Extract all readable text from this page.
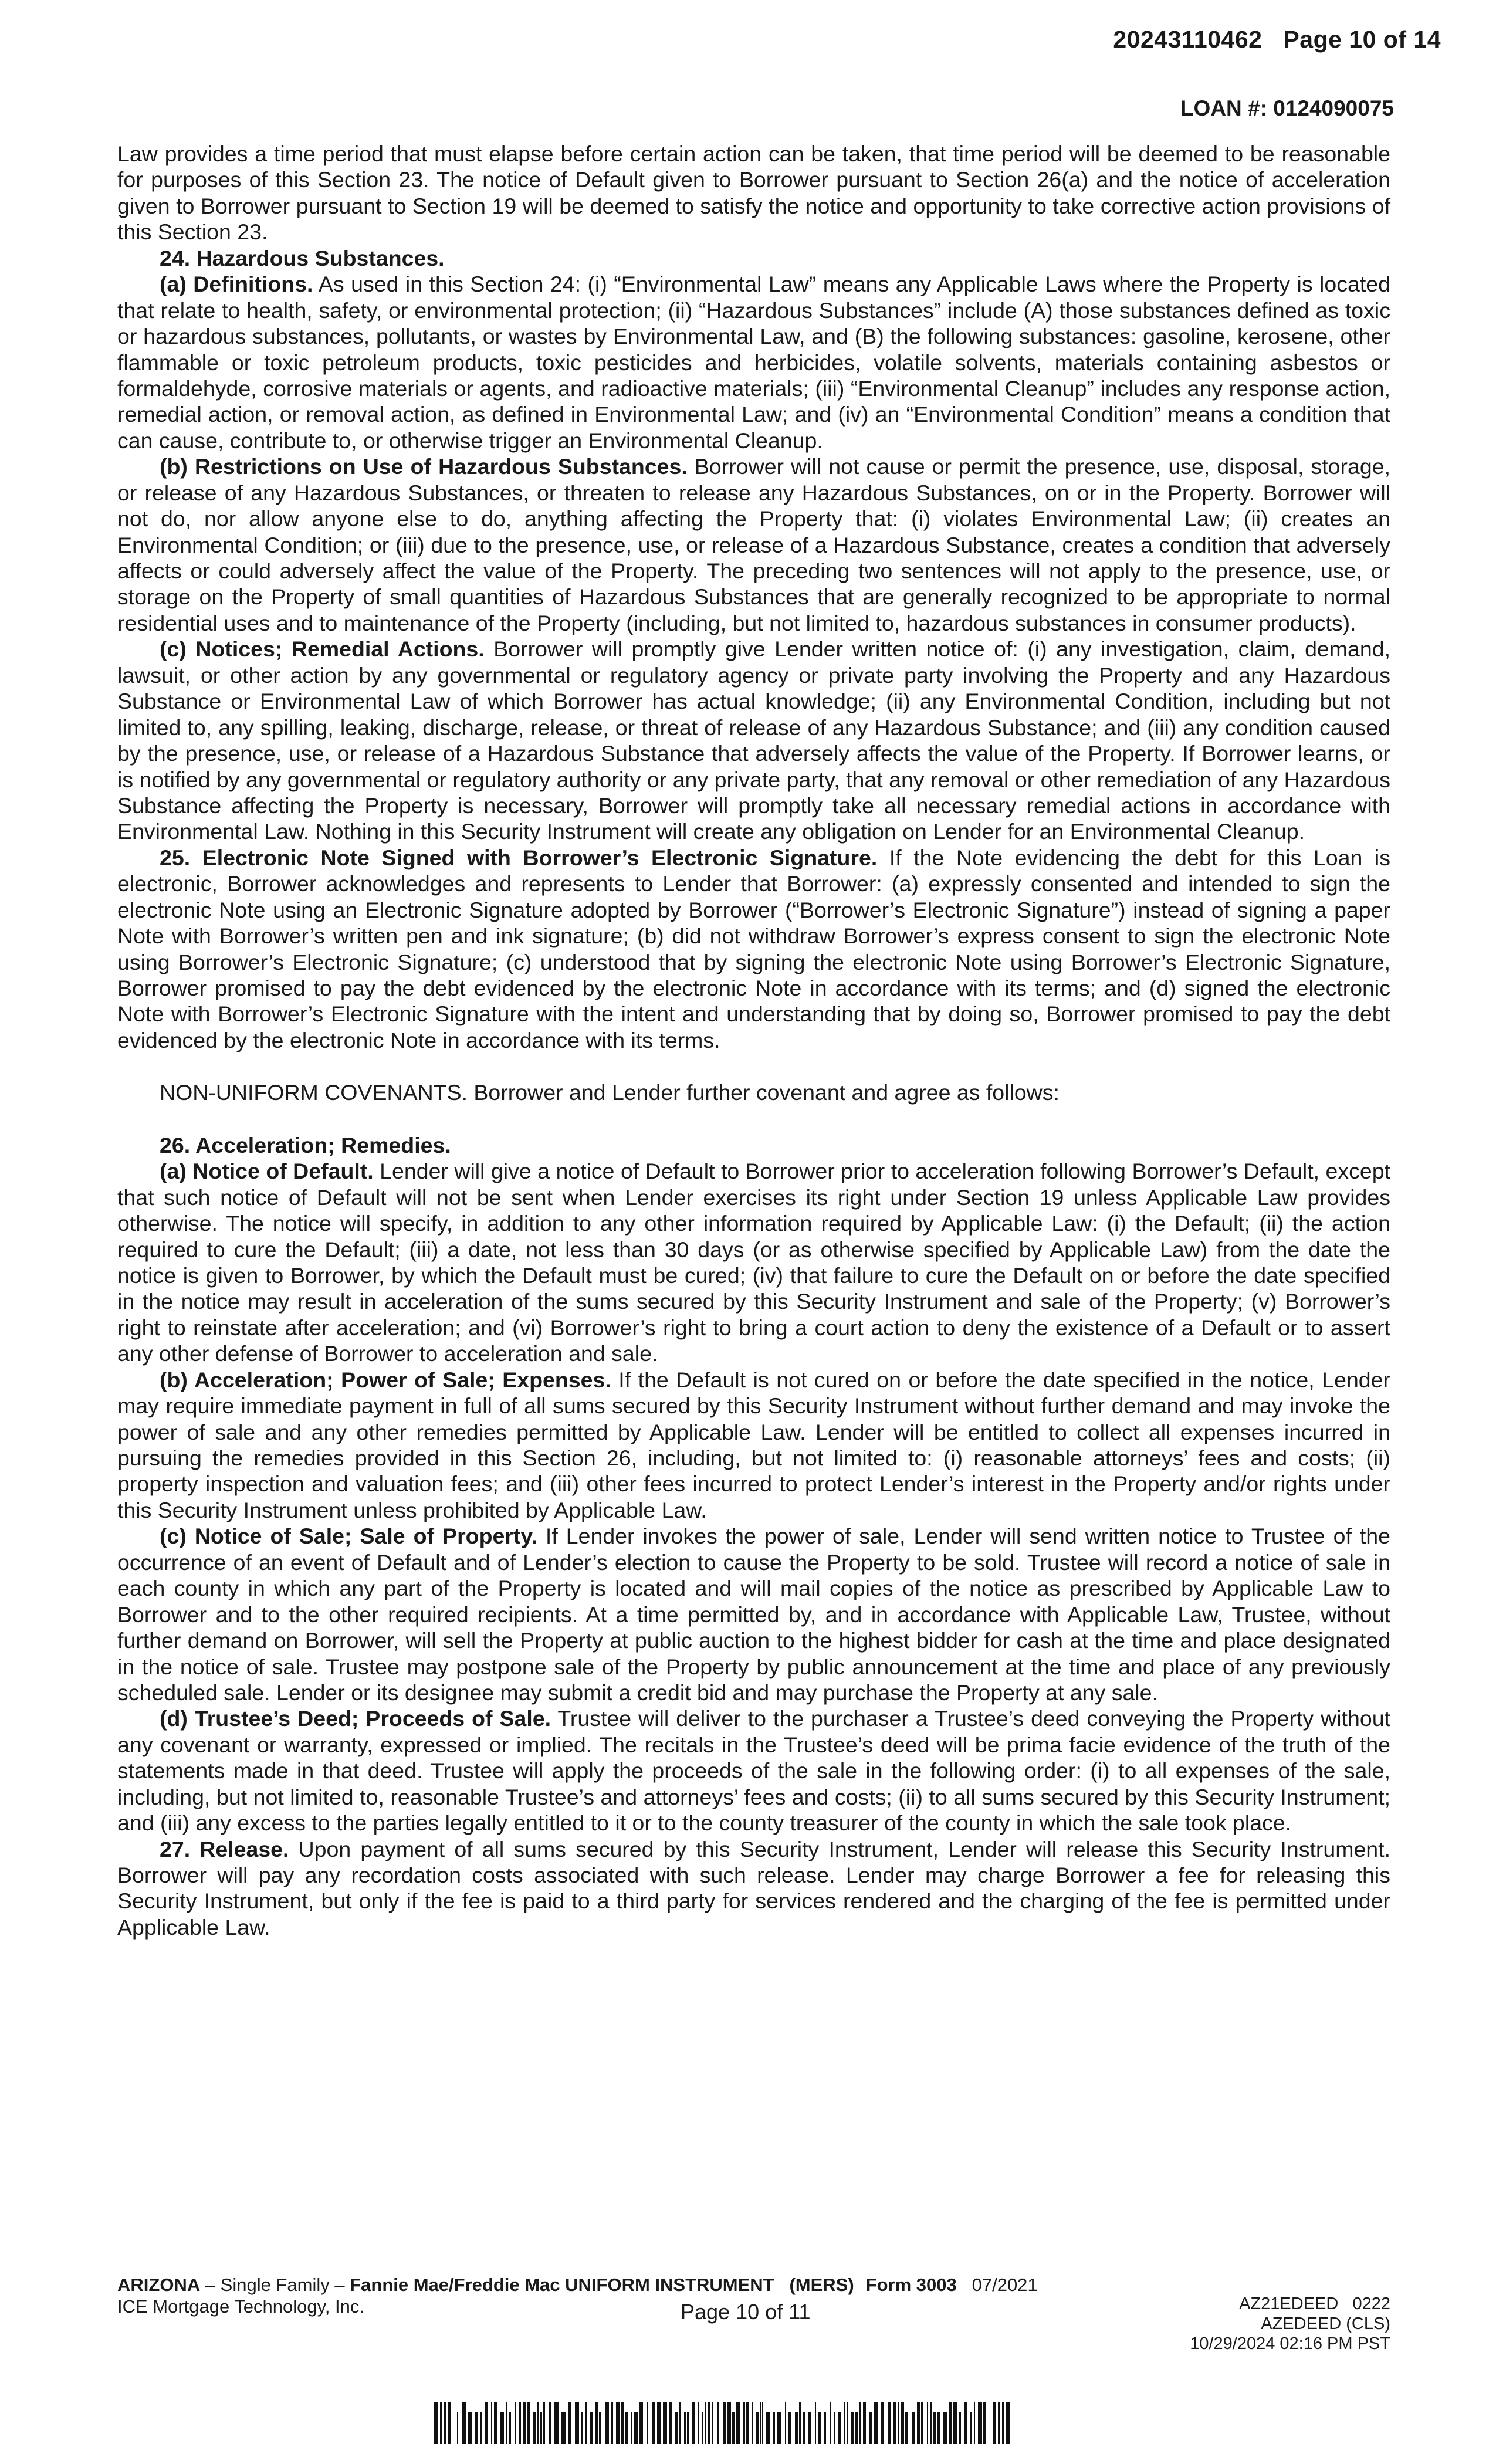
20243110462 Page 10 of 14
LOAN #: 0124090075

Law provides a time period that must elapse before certain action can be taken, that time period will be deemed to be reasonable for purposes of this Section 23. The notice of Default given to Borrower pursuant to Section 26(a) and the notice of acceleration given to Borrower pursuant to Section 19 will be deemed to satisfy the notice and opportunity to take corrective action provisions of this Section 23.

24. Hazardous Substances.

(a) Definitions. As used in this Section 24: (i) “Environmental Law” means any Applicable Laws where the Property is located that relate to health, safety, or environmental protection; (ii) “Hazardous Substances” include (A) those substances defined as toxic or hazardous substances, pollutants, or wastes by Environmental Law, and (B) the following substances: gasoline, kerosene, other flammable or toxic petroleum products, toxic pesticides and herbicides, volatile solvents, materials containing asbestos or formaldehyde, corrosive materials or agents, and radioactive materials; (iii) “Environmental Cleanup” includes any response action, remedial action, or removal action, as defined in Environmental Law; and (iv) an “Environmental Condition” means a condition that can cause, contribute to, or otherwise trigger an Environmental Cleanup.

(b) Restrictions on Use of Hazardous Substances. Borrower will not cause or permit the presence, use, disposal, storage, or release of any Hazardous Substances, or threaten to release any Hazardous Substances, on or in the Property. Borrower will not do, nor allow anyone else to do, anything affecting the Property that: (i) violates Environmental Law; (ii) creates an Environmental Condition; or (iii) due to the presence, use, or release of a Hazardous Substance, creates a condition that adversely affects or could adversely affect the value of the Property. The preceding two sentences will not apply to the presence, use, or storage on the Property of small quantities of Hazardous Substances that are generally recognized to be appropriate to normal residential uses and to maintenance of the Property (including, but not limited to, hazardous substances in consumer products).

(c) Notices; Remedial Actions. Borrower will promptly give Lender written notice of: (i) any investigation, claim, demand, lawsuit, or other action by any governmental or regulatory agency or private party involving the Property and any Hazardous Substance or Environmental Law of which Borrower has actual knowledge; (ii) any Environmental Condition, including but not limited to, any spilling, leaking, discharge, release, or threat of release of any Hazardous Substance; and (iii) any condition caused by the presence, use, or release of a Hazardous Substance that adversely affects the value of the Property. If Borrower learns, or is notified by any governmental or regulatory authority or any private party, that any removal or other remediation of any Hazardous Substance affecting the Property is necessary, Borrower will promptly take all necessary remedial actions in accordance with Environmental Law. Nothing in this Security Instrument will create any obligation on Lender for an Environmental Cleanup.

25. Electronic Note Signed with Borrower’s Electronic Signature. If the Note evidencing the debt for this Loan is electronic, Borrower acknowledges and represents to Lender that Borrower: (a) expressly consented and intended to sign the electronic Note using an Electronic Signature adopted by Borrower (“Borrower’s Electronic Signature”) instead of signing a paper Note with Borrower’s written pen and ink signature; (b) did not withdraw Borrower’s express consent to sign the electronic Note using Borrower’s Electronic Signature; (c) understood that by signing the electronic Note using Borrower’s Electronic Signature, Borrower promised to pay the debt evidenced by the electronic Note in accordance with its terms; and (d) signed the electronic Note with Borrower’s Electronic Signature with the intent and understanding that by doing so, Borrower promised to pay the debt evidenced by the electronic Note in accordance with its terms.

NON-UNIFORM COVENANTS. Borrower and Lender further covenant and agree as follows:

26. Acceleration; Remedies.

(a) Notice of Default. Lender will give a notice of Default to Borrower prior to acceleration following Borrower’s Default, except that such notice of Default will not be sent when Lender exercises its right under Section 19 unless Applicable Law provides otherwise. The notice will specify, in addition to any other information required by Applicable Law: (i) the Default; (ii) the action required to cure the Default; (iii) a date, not less than 30 days (or as otherwise specified by Applicable Law) from the date the notice is given to Borrower, by which the Default must be cured; (iv) that failure to cure the Default on or before the date specified in the notice may result in acceleration of the sums secured by this Security Instrument and sale of the Property; (v) Borrower’s right to reinstate after acceleration; and (vi) Borrower’s right to bring a court action to deny the existence of a Default or to assert any other defense of Borrower to acceleration and sale.

(b) Acceleration; Power of Sale; Expenses. If the Default is not cured on or before the date specified in the notice, Lender may require immediate payment in full of all sums secured by this Security Instrument without further demand and may invoke the power of sale and any other remedies permitted by Applicable Law. Lender will be entitled to collect all expenses incurred in pursuing the remedies provided in this Section 26, including, but not limited to: (i) reasonable attorneys’ fees and costs; (ii) property inspection and valuation fees; and (iii) other fees incurred to protect Lender’s interest in the Property and/or rights under this Security Instrument unless prohibited by Applicable Law.

(c) Notice of Sale; Sale of Property. If Lender invokes the power of sale, Lender will send written notice to Trustee of the occurrence of an event of Default and of Lender’s election to cause the Property to be sold. Trustee will record a notice of sale in each county in which any part of the Property is located and will mail copies of the notice as prescribed by Applicable Law to Borrower and to the other required recipients. At a time permitted by, and in accordance with Applicable Law, Trustee, without further demand on Borrower, will sell the Property at public auction to the highest bidder for cash at the time and place designated in the notice of sale. Trustee may postpone sale of the Property by public announcement at the time and place of any previously scheduled sale. Lender or its designee may submit a credit bid and may purchase the Property at any sale.

(d) Trustee’s Deed; Proceeds of Sale. Trustee will deliver to the purchaser a Trustee’s deed conveying the Property without any covenant or warranty, expressed or implied. The recitals in the Trustee’s deed will be prima facie evidence of the truth of the statements made in that deed. Trustee will apply the proceeds of the sale in the following order: (i) to all expenses of the sale, including, but not limited to, reasonable Trustee’s and attorneys’ fees and costs; (ii) to all sums secured by this Security Instrument; and (iii) any excess to the parties legally entitled to it or to the county treasurer of the county in which the sale took place.

27. Release. Upon payment of all sums secured by this Security Instrument, Lender will release this Security Instrument. Borrower will pay any recordation costs associated with such release. Lender may charge Borrower a fee for releasing this Security Instrument, but only if the fee is paid to a third party for services rendered and the charging of the fee is permitted under Applicable Law.

ARIZONA – Single Family – Fannie Mae/Freddie Mac UNIFORM INSTRUMENT (MERS) Form 3003 07/2021
ICE Mortgage Technology, Inc.	Page 10 of 11	AZ21EDEED   0222
AZEDEED (CLS)
10/29/2024 02:16 PM PST
